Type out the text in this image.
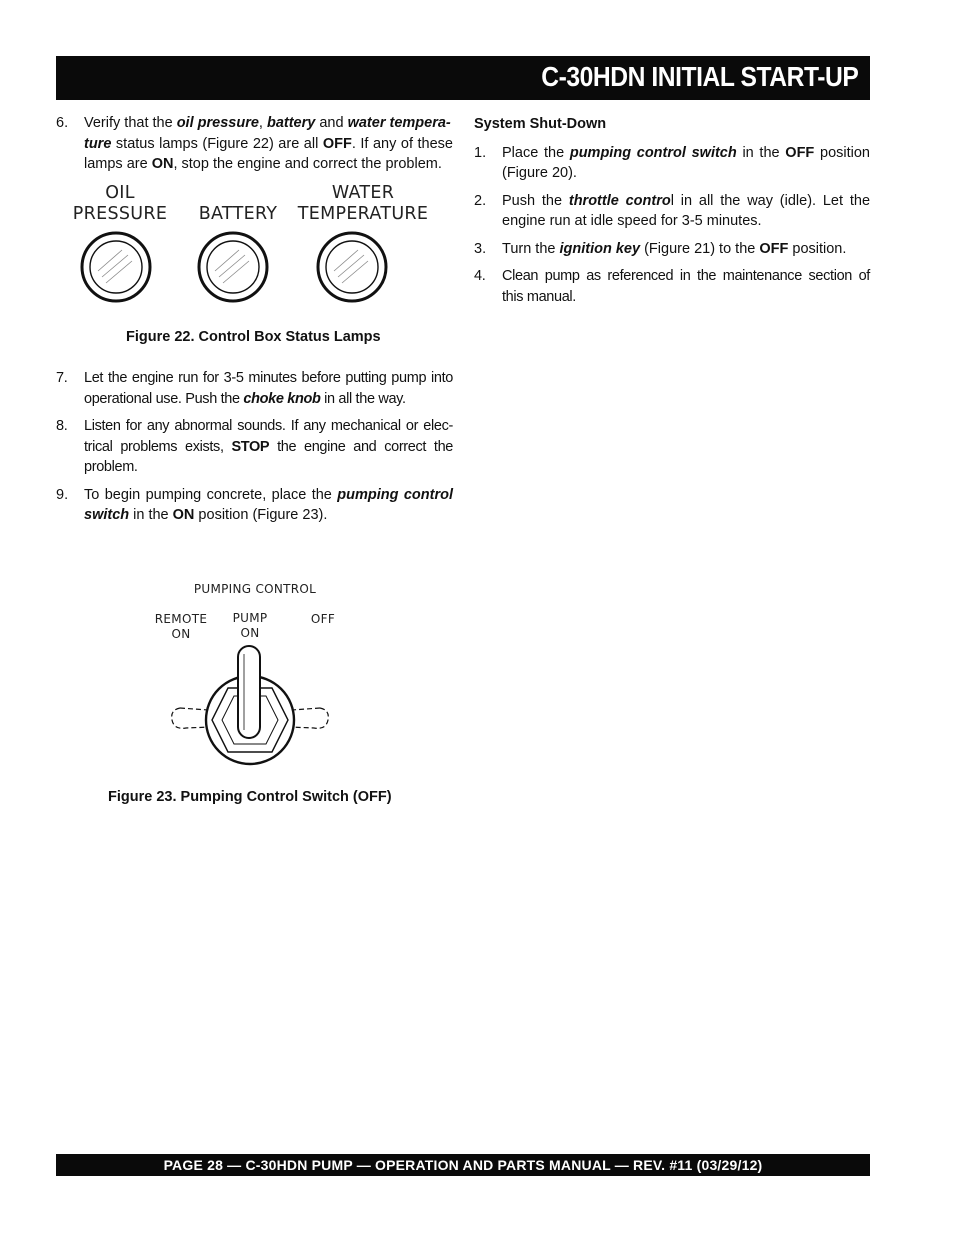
C-30HDN INITIAL START-UP
6. Verify that the oil pressure, battery and water tempera-
ture status lamps (Figure 22) are all OFF. If any of these lamps are ON, stop the engine and correct the problem.
OIL
PRESSURE	BATTERY
WATER
TEMPERATURE
Figure 22. Control Box Status Lamps
7. Let the engine run for 3-5 minutes before putting pump into operational use. Push the choke knob in all the way.
8. Listen for any abnormal sounds. If any mechanical or elec-trical problems exists, STOP the engine and correct the problem.
9. To begin pumping concrete, place the pumping control switch in the ON position (Figure 23).
PUMPING CONTROL
REMOTE
ON
PUMP
ON
OFF
Figure 23. Pumping Control Switch (OFF)
System Shut-Down
1. Place the pumping control switch in the OFF position (Figure 20).
2. Push the throttle control in all the way (idle). Let the engine run at idle speed for 3-5 minutes.
3. Turn the ignition key (Figure 21) to the OFF position.
4. Clean pump as referenced in the maintenance section of this manual.
PAGE 28 — C-30HDN PUMP — OPERATION AND PARTS MANUAL — REV. #11 (03/29/12)
